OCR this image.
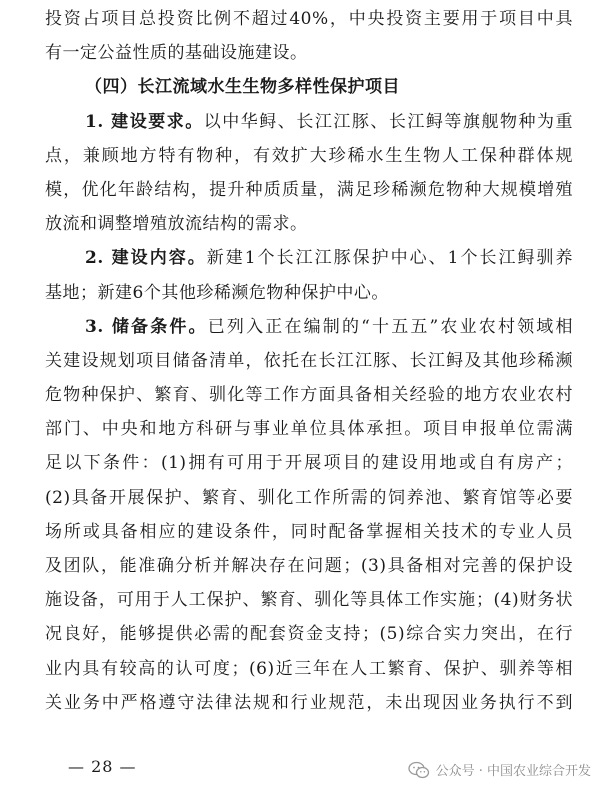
投资占项目总投资比例不超过40%，中央投资主要用于项目中具
有一定公益性质的基础设施建设。
（四）长江流域水生生物多样性保护项目
1. 建设要求。以中华鲟、长江江豚、长江鲟等旗舰物种为重
点，兼顾地方特有物种，有效扩大珍稀水生生物人工保种群体规
模，优化年龄结构，提升种质质量，满足珍稀濒危物种大规模增殖
放流和调整增殖放流结构的需求。
2. 建设内容。新建1个长江江豚保护中心、1个长江鲟驯养
基地；新建6个其他珍稀濒危物种保护中心。
3. 储备条件。已列入正在编制的“十五五”农业农村领域相
关建设规划项目储备清单，依托在长江江豚、长江鲟及其他珍稀濒
危物种保护、繁育、驯化等工作方面具备相关经验的地方农业农村
部门、中央和地方科研与事业单位具体承担。项目申报单位需满
足以下条件：(1)拥有可用于开展项目的建设用地或自有房产；
(2)具备开展保护、繁育、驯化工作所需的饲养池、繁育馆等必要
场所或具备相应的建设条件，同时配备掌握相关技术的专业人员
及团队，能准确分析并解决存在问题；(3)具备相对完善的保护设
施设备，可用于人工保护、繁育、驯化等具体工作实施；(4)财务状
况良好，能够提供必需的配套资金支持；(5)综合实力突出，在行
业内具有较高的认可度；(6)近三年在人工繁育、保护、驯养等相
关业务中严格遵守法律法规和行业规范，未出现因业务执行不到
— 28 —	公众号 · 中国农业综合开发
